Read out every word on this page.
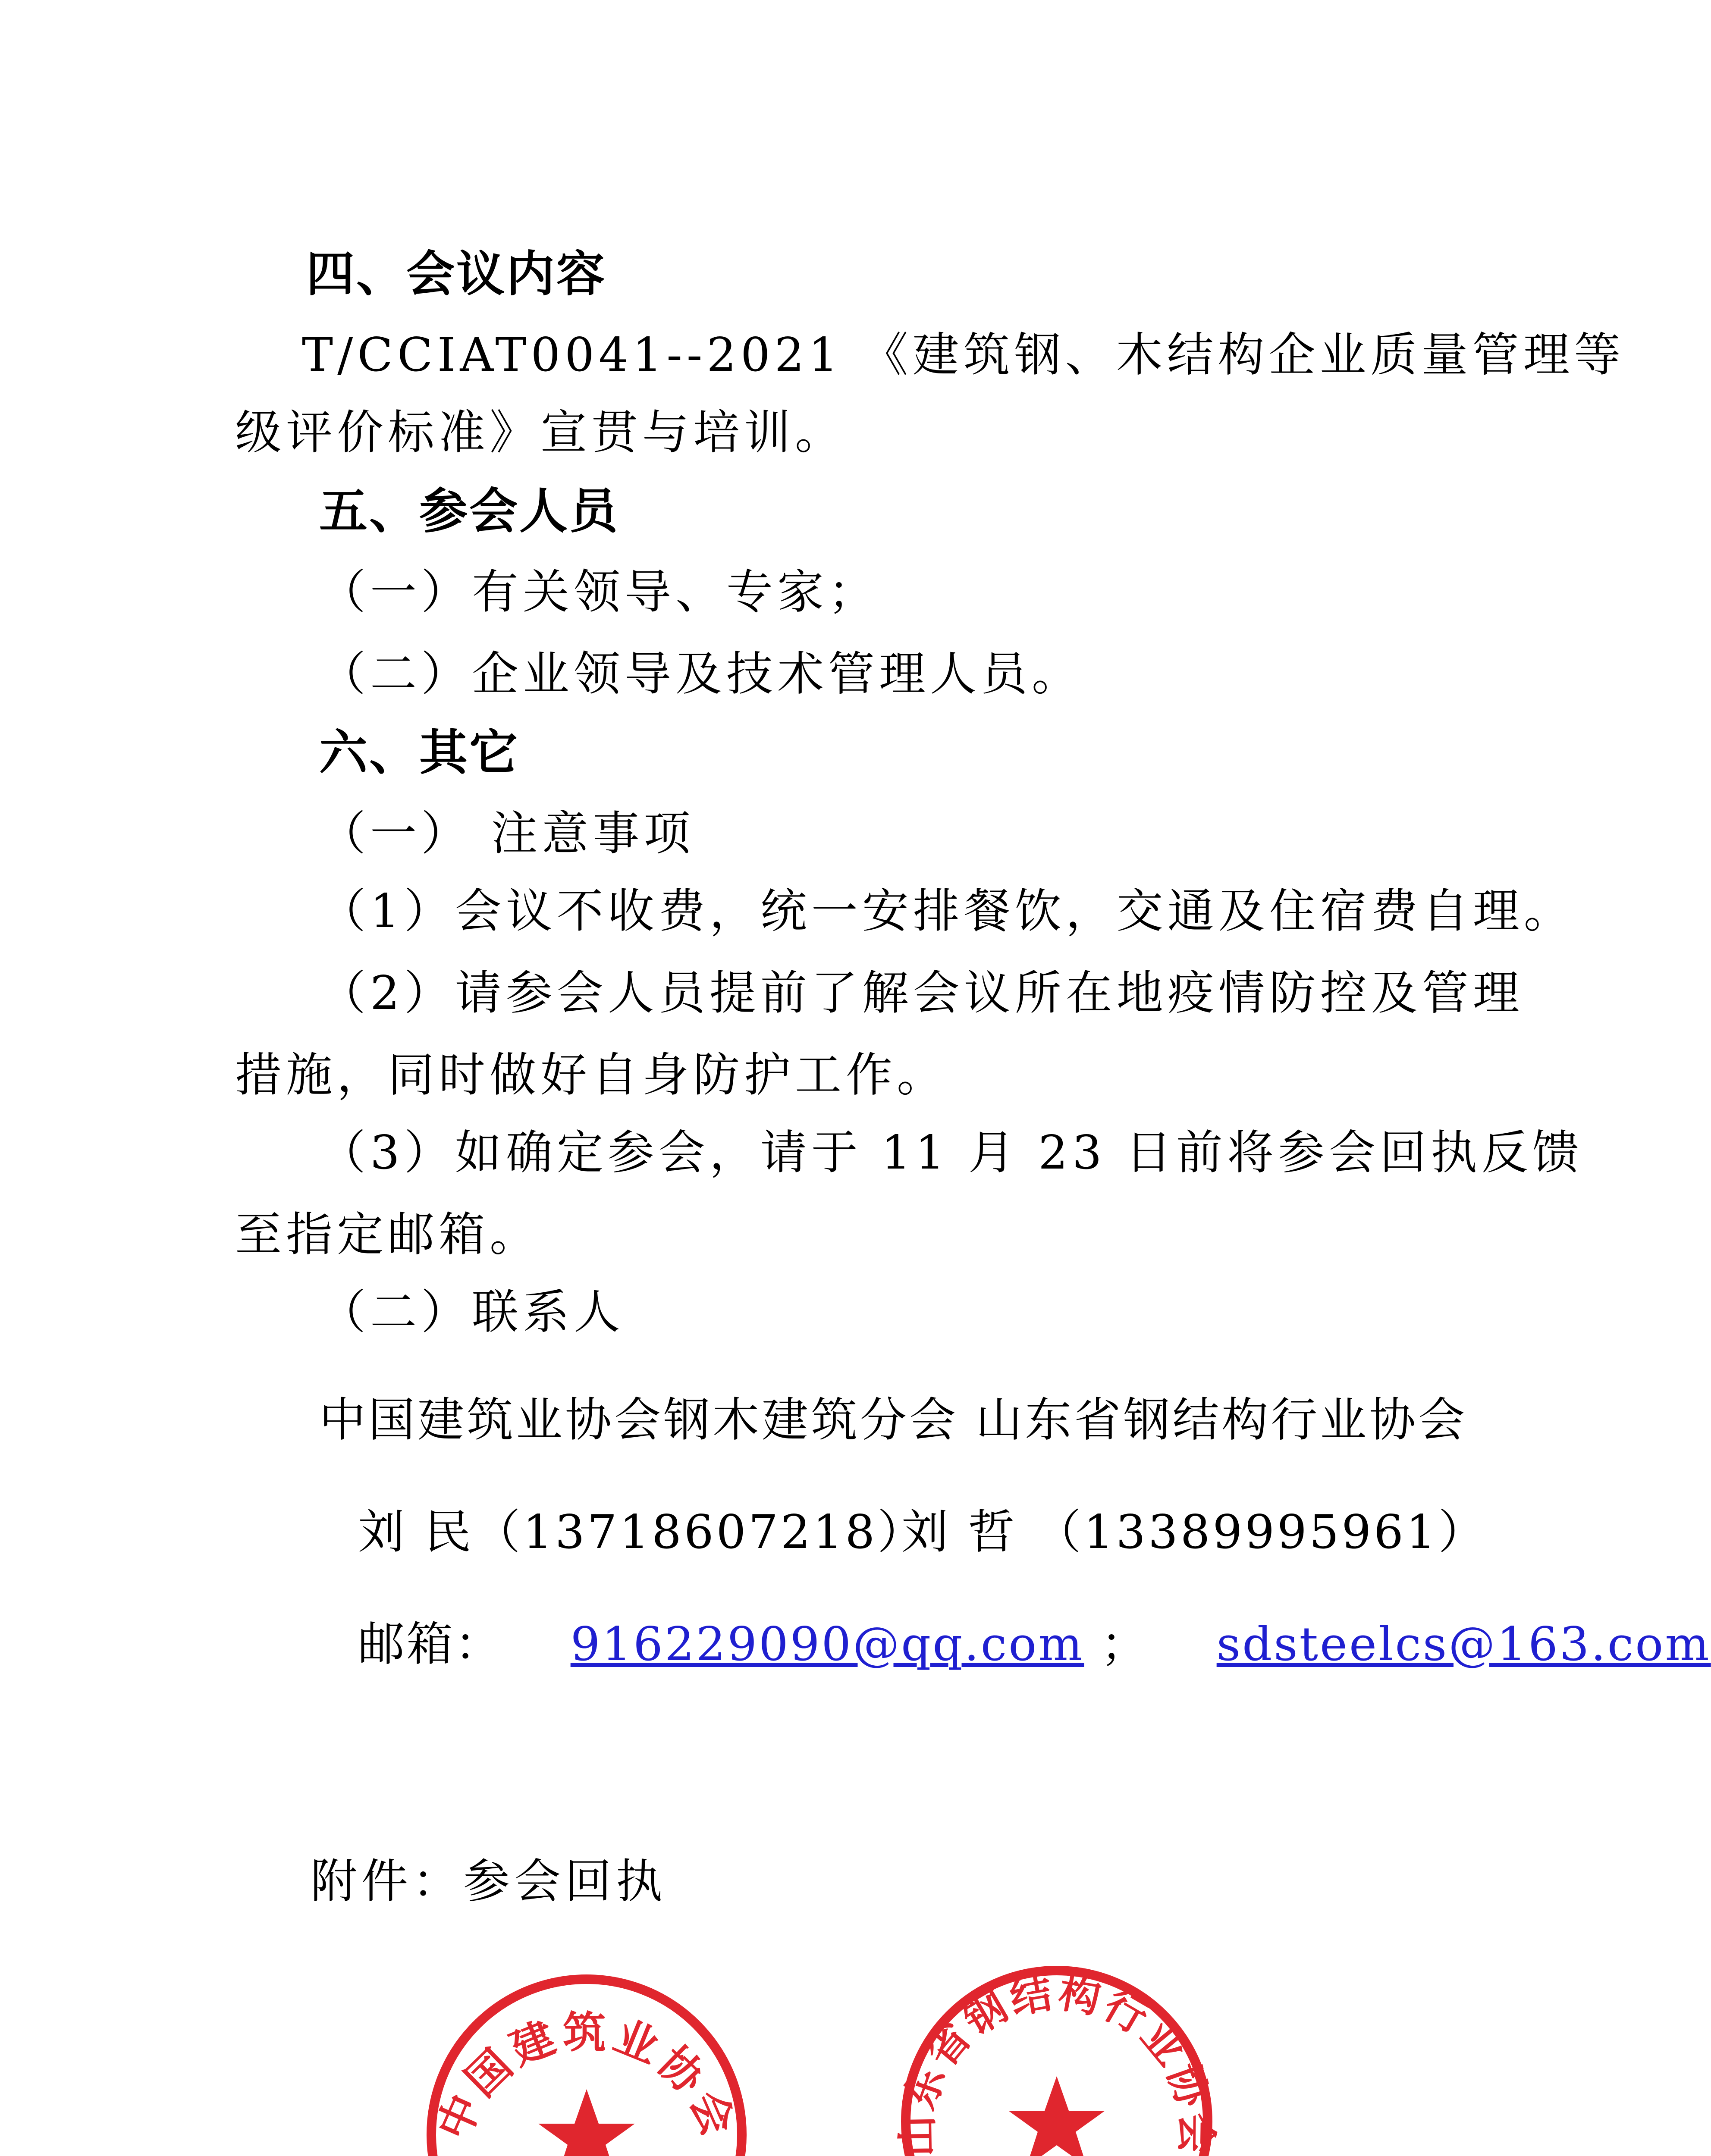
四、会议内容
T/CCIAT0041--2021 《建筑钢、木结构企业质量管理等
级评价标准》宣贯与培训。
五、参会人员
（一）有关领导、专家；
（二）企业领导及技术管理人员。
六、其它
（一） 注意事项
（1）会议不收费，统一安排餐饮，交通及住宿费自理。
（2）请参会人员提前了解会议所在地疫情防控及管理
措施，同时做好自身防护工作。
（3）如确定参会，请于 11 月 23 日前将参会回执反馈
至指定邮箱。
（二）联系人
中国建筑业协会钢木建筑分会 山东省钢结构行业协会
刘 民（13718607218）
刘 哲 （13389995961）
邮箱： 916229090@qq.com ； sdsteelcs@163.com
附件：参会回执
中国建筑业协会	山东省钢结构行业协会
